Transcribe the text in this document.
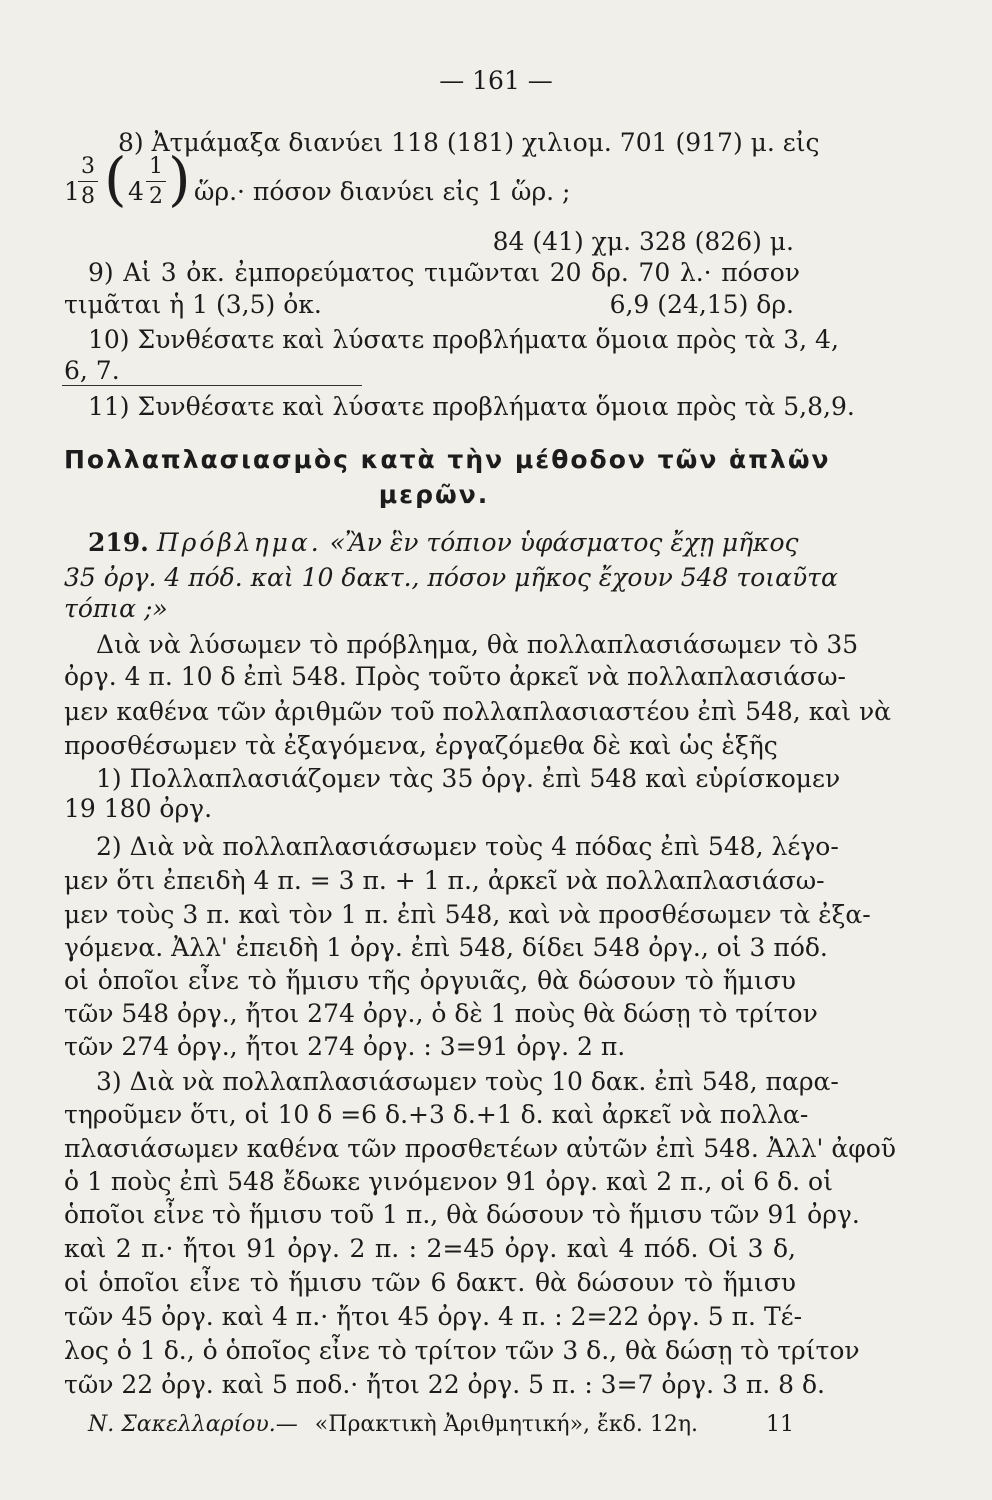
— 161 —
8) Ἀτμάμαξα διανύει 118 (181) χιλιομ. 701 (917) μ. εἰς
1
3
8 ( 4
1
2 ) ὥρ.· πόσον διανύει εἰς 1 ὥρ. ;
84 (41) χμ. 328 (826) μ.
9) Αἱ 3 ὀκ. ἐμπορεύματος τιμῶνται 20 δρ. 70 λ.· πόσον
τιμᾶται ἡ 1 (3,5) ὀκ.	6,9 (24,15) δρ.
10) Συνθέσατε καὶ λύσατε προβλήματα ὅμοια πρὸς τὰ 3, 4,
6, 7.
11) Συνθέσατε καὶ λύσατε προβλήματα ὅμοια πρὸς τὰ 5,8,9.
Πολλαπλασιασμὸς κατὰ τὴν μέθοδον τῶν ἁπλῶν
μερῶν.
219. Πρόβλημα. «Ἂν ἓν τόπιον ὑφάσματος ἔχῃ μῆκος
35 ὀργ. 4 πόδ. καὶ 10 δακτ., πόσον μῆκος ἔχουν 548 τοιαῦτα
τόπια ;»
Διὰ νὰ λύσωμεν τὸ πρόβλημα, θὰ πολλαπλασιάσωμεν τὸ 35
ὀργ. 4 π. 10 δ ἐπὶ 548. Πρὸς τοῦτο ἀρκεῖ νὰ πολλαπλασιάσω-
μεν καθένα τῶν ἀριθμῶν τοῦ πολλαπλασιαστέου ἐπὶ 548, καὶ νὰ
προσθέσωμεν τὰ ἐξαγόμενα, ἐργαζόμεθα δὲ καὶ ὡς ἑξῆς
1) Πολλαπλασιάζομεν τὰς 35 ὀργ. ἐπὶ 548 καὶ εὑρίσκομεν
19 180 ὀργ.
2) Διὰ νὰ πολλαπλασιάσωμεν τοὺς 4 πόδας ἐπὶ 548, λέγο-
μεν ὅτι ἐπειδὴ 4 π. = 3 π. + 1 π., ἀρκεῖ νὰ πολλαπλασιάσω-
μεν τοὺς 3 π. καὶ τὸν 1 π. ἐπὶ 548, καὶ νὰ προσθέσωμεν τὰ ἐξα-
γόμενα. Ἀλλ' ἐπειδὴ 1 ὀργ. ἐπὶ 548, δίδει 548 ὀργ., οἱ 3 πόδ.
οἱ ὁποῖοι εἶνε τὸ ἥμισυ τῆς ὀργυιᾶς, θὰ δώσουν τὸ ἥμισυ
τῶν 548 ὀργ., ἤτοι 274 ὀργ., ὁ δὲ 1 ποὺς θὰ δώσῃ τὸ τρίτον
τῶν 274 ὀργ., ἤτοι 274 ὀργ. : 3=91 ὀργ. 2 π.
3) Διὰ νὰ πολλαπλασιάσωμεν τοὺς 10 δακ. ἐπὶ 548, παρα-
τηροῦμεν ὅτι, οἱ 10 δ =6 δ.+3 δ.+1 δ. καὶ ἀρκεῖ νὰ πολλα-
πλασιάσωμεν καθένα τῶν προσθετέων αὐτῶν ἐπὶ 548. Ἀλλ' ἀφοῦ
ὁ 1 ποὺς ἐπὶ 548 ἔδωκε γινόμενον 91 ὀργ. καὶ 2 π., οἱ 6 δ. οἱ
ὁποῖοι εἶνε τὸ ἥμισυ τοῦ 1 π., θὰ δώσουν τὸ ἥμισυ τῶν 91 ὀργ.
καὶ 2 π.· ἤτοι 91 ὀργ. 2 π. : 2=45 ὀργ. καὶ 4 πόδ. Οἱ 3 δ,
οἱ ὁποῖοι εἶνε τὸ ἥμισυ τῶν 6 δακτ. θὰ δώσουν τὸ ἥμισυ
τῶν 45 ὀργ. καὶ 4 π.· ἤτοι 45 ὀργ. 4 π. : 2=22 ὀργ. 5 π. Τέ-
λος ὁ 1 δ., ὁ ὁποῖος εἶνε τὸ τρίτον τῶν 3 δ., θὰ δώσῃ τὸ τρίτον
τῶν 22 ὀργ. καὶ 5 ποδ.· ἤτοι 22 ὀργ. 5 π. : 3=7 ὀργ. 3 π. 8 δ.
Ν. Σακελλαρίου.— «Πρακτικὴ Ἀριθμητική», ἔκδ. 12η.	11
